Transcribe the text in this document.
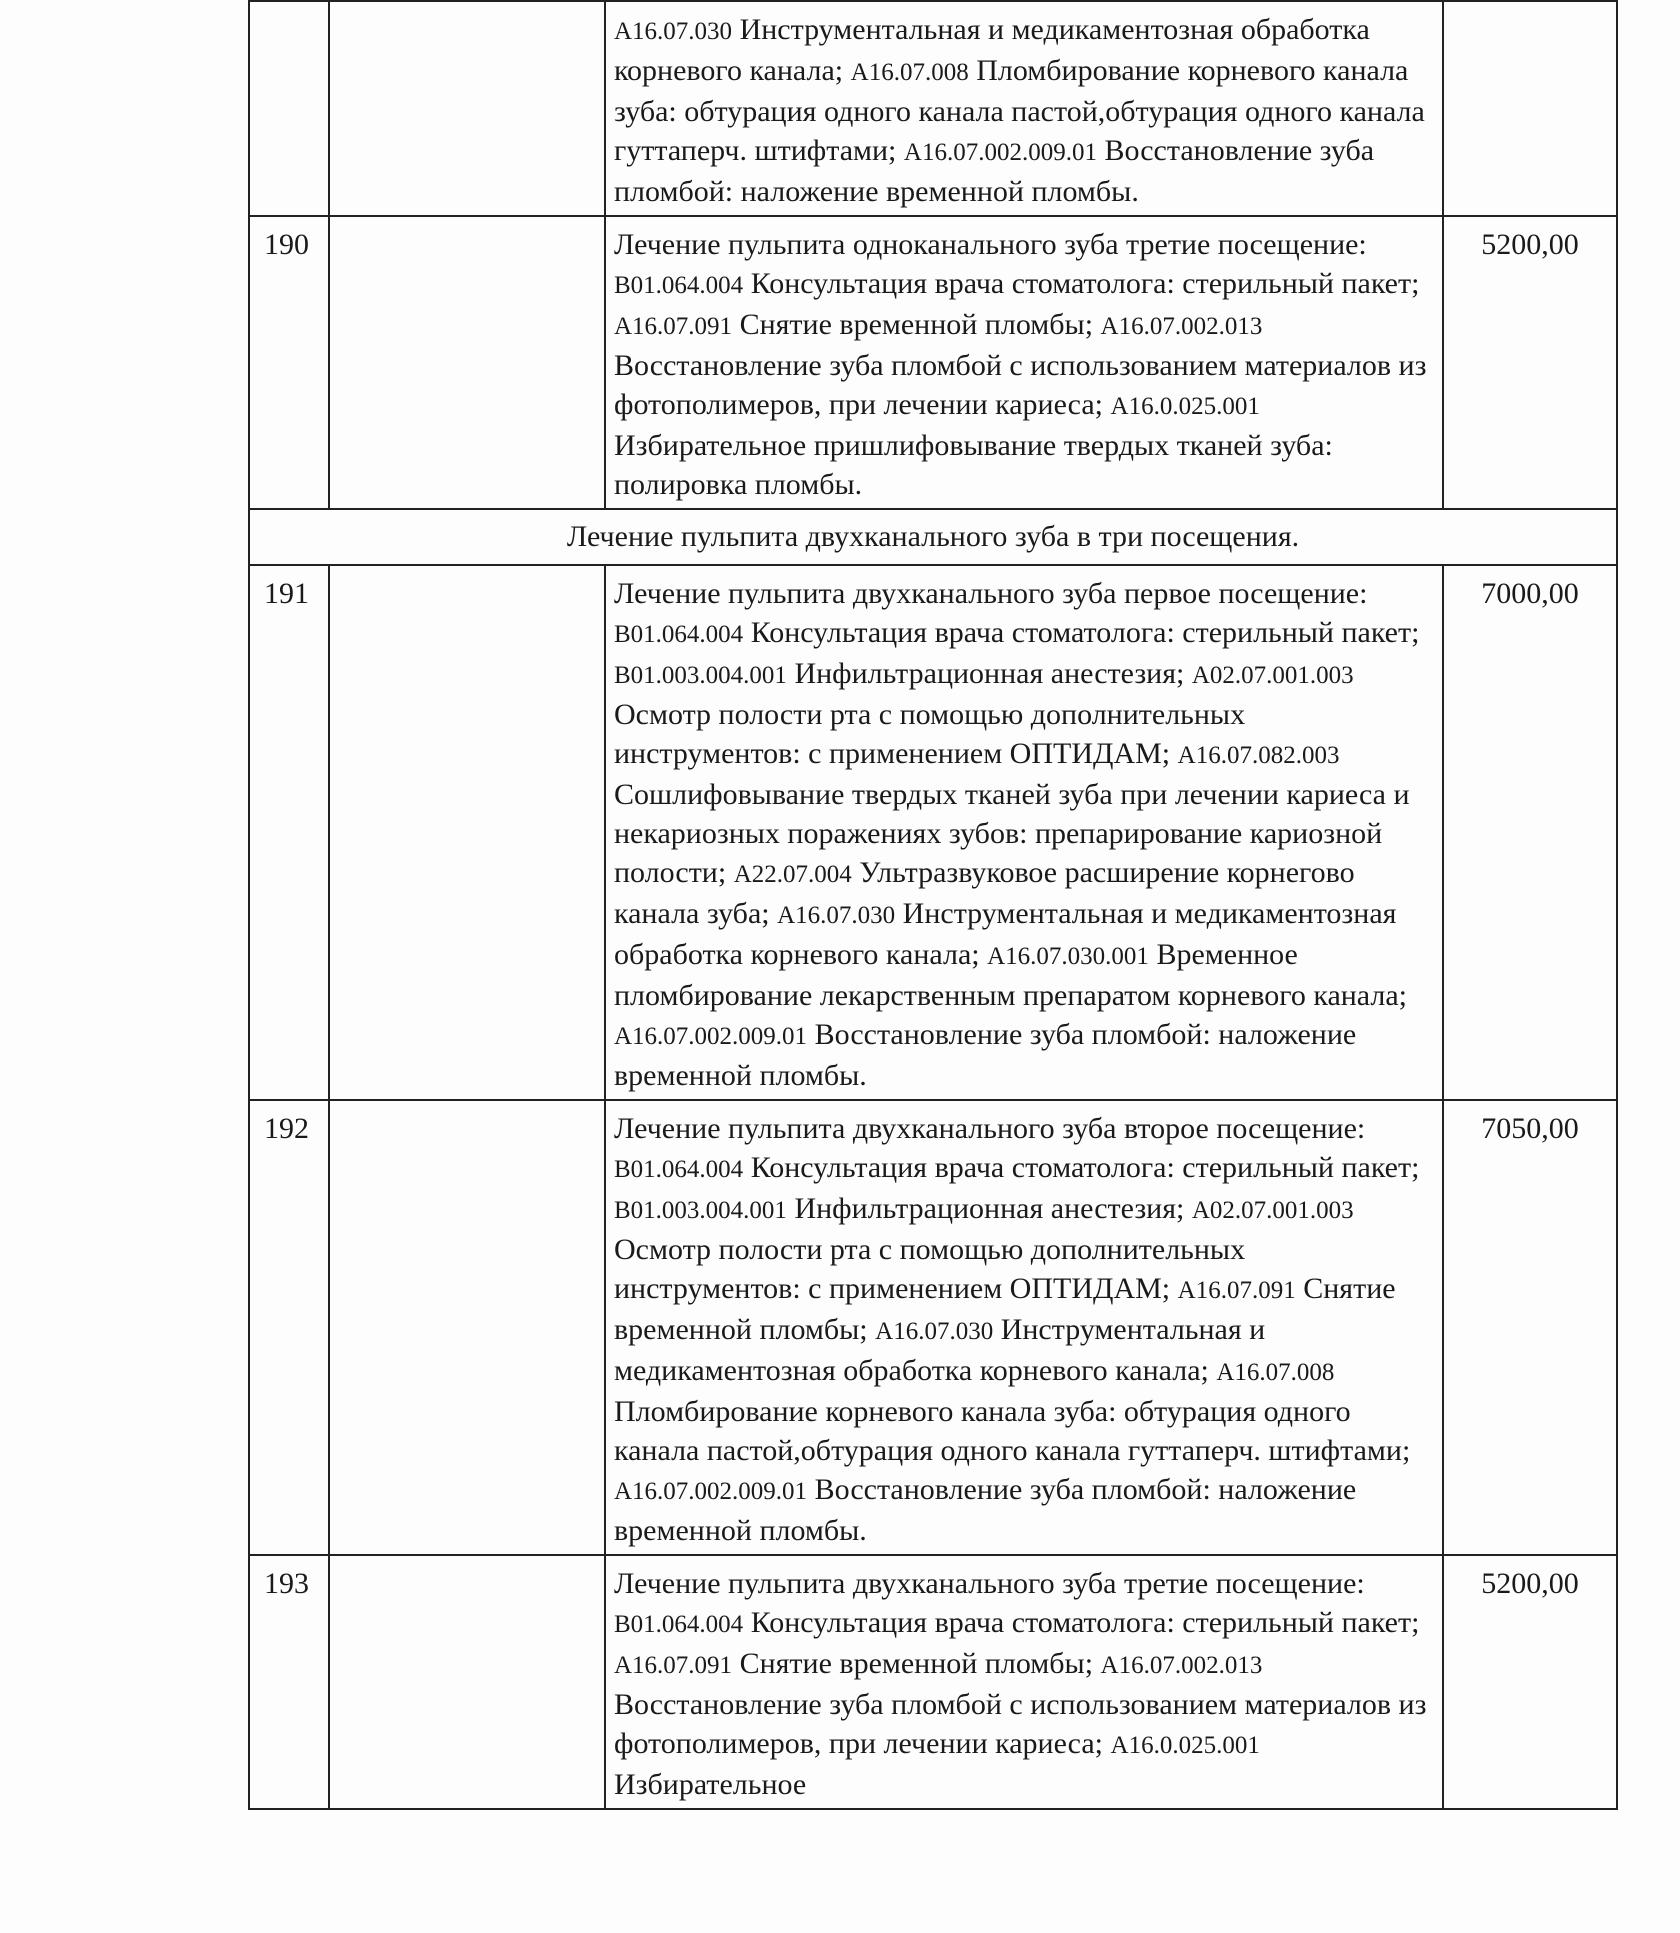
		A16.07.030 Инструментальная и медикаментозная обработка корневого канала; A16.07.008 Пломбирование корневого канала зуба: обтурация одного канала пастой,обтурация одного канала гуттаперч. штифтами; A16.07.002.009.01 Восстановление зуба пломбой: наложение временной пломбы.	
190		Лечение пульпита одноканального зуба третие посещение: B01.064.004 Консультация врача стоматолога: стерильный пакет; A16.07.091 Снятие временной пломбы; A16.07.002.013 Восстановление зуба пломбой с использованием материалов из фотополимеров, при лечении кариеса; A16.0.025.001 Избирательное пришлифовывание твердых тканей зуба: полировка пломбы.	5200,00
Лечение пульпита двухканального зуба в три посещения.			
191		Лечение пульпита двухканального зуба первое посещение: B01.064.004 Консультация врача стоматолога: стерильный пакет; B01.003.004.001 Инфильтрационная анестезия; A02.07.001.003 Осмотр полости рта с помощью дополнительных инструментов: с применением ОПТИДАМ; A16.07.082.003 Сошлифовывание твердых тканей зуба при лечении кариеса и некариозных поражениях зубов: препарирование кариозной полости; A22.07.004 Ультразвуковое расширение корнегово канала зуба; A16.07.030 Инструментальная и медикаментозная обработка корневого канала; A16.07.030.001 Временное пломбирование лекарственным препаратом корневого канала; A16.07.002.009.01 Восстановление зуба пломбой: наложение временной пломбы.	7000,00
192		Лечение пульпита двухканального зуба второе посещение: B01.064.004 Консультация врача стоматолога: стерильный пакет; B01.003.004.001 Инфильтрационная анестезия; A02.07.001.003 Осмотр полости рта с помощью дополнительных инструментов: с применением ОПТИДАМ; A16.07.091 Снятие временной пломбы; A16.07.030 Инструментальная и медикаментозная обработка корневого канала; A16.07.008 Пломбирование корневого канала зуба: обтурация одного канала пастой,обтурация одного канала гуттаперч. штифтами; A16.07.002.009.01 Восстановление зуба пломбой: наложение временной пломбы.	7050,00
193		Лечение пульпита двухканального зуба третие посещение: B01.064.004 Консультация врача стоматолога: стерильный пакет; A16.07.091 Снятие временной пломбы; A16.07.002.013 Восстановление зуба пломбой с использованием материалов из фотополимеров, при лечении кариеса; A16.0.025.001 Избирательное	5200,00
